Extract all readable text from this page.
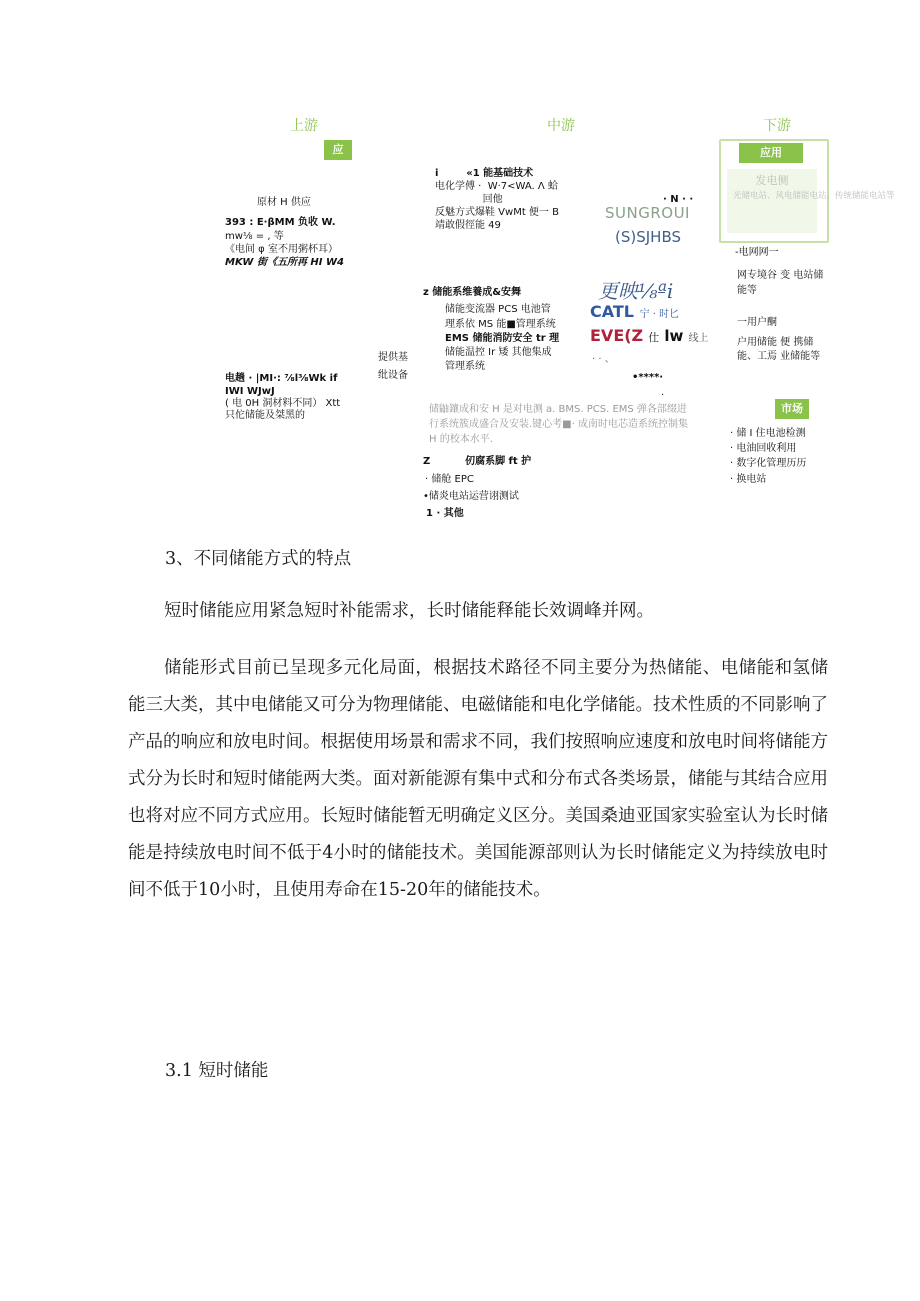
上游	中游	下游
应
原材 H 供应
393 : E·βMM 负收 W.
mw⅛ = , 等
《电间 φ 室不用粥杯耳）
MKW 街《五所再 HI W4
提供基
纰设备
电趟 · |MI·: ⅞l⅜Wk if
IWI WJwJ
( 电 0H 洞材料不同） Xtt
只佗储能及桀黑的
i        «1 能基础技术
电化学傅 ·  W·7<WA. Λ 蛤
回他
反魅方式爆鞋 VwMt 便一 B
靖敢假徑能 49
z 储能系维養成&安舞
储能变流器 PCS 电池管
理系依 MS 能■管理系统
EMS 储能消防安全 tr 理
储能温控 Ir 矮 其他集成
管理系统
储鼬鑲成和安 H 是对电测 a. BMS. PCS. EMS 弹各部缀进行系统簇成盛合及安装.键心考■· 成南时电芯造系统控制集 H 的校本水平.
Z          仞腐系脚 ft 护
· 储舱 EPC
•储炎电站运营诩测试
1 · 其他
· N · ·
SUNGROUI
(S)SJHBS
更映⅛ªi
CATL 宁 · 时匕
EVE(Z 仕 lw 线上
· · 、
•****·
·
应用
发电侧
光储电站、风电储能电站、传统储能电站等
-电网网一
网专境谷 变 电站储
能等
一用户酮
户用储能 便 携储
能、工焉 业储能等
市场
· 储 I 住电池检测
· 电油回收利用
· 数字化管理历历
· 换电站
3、不同储能方式的特点
短时储能应用紧急短时补能需求，长时储能释能长效调峰并网。
储能形式目前已呈现多元化局面，根据技术路径不同主要分为热储能、电储能和氢储能三大类，其中电储能又可分为物理储能、电磁储能和电化学储能。技术性质的不同影响了产品的响应和放电时间。根据使用场景和需求不同，我们按照响应速度和放电时间将储能方式分为长时和短时储能两大类。面对新能源有集中式和分布式各类场景，储能与其结合应用也将对应不同方式应用。长短时储能暂无明确定义区分。美国桑迪亚国家实验室认为长时储能是持续放电时间不低于4小时的储能技术。美国能源部则认为长时储能定义为持续放电时间不低于10小时，且使用寿命在15-20年的储能技术。
3.1 短时储能
